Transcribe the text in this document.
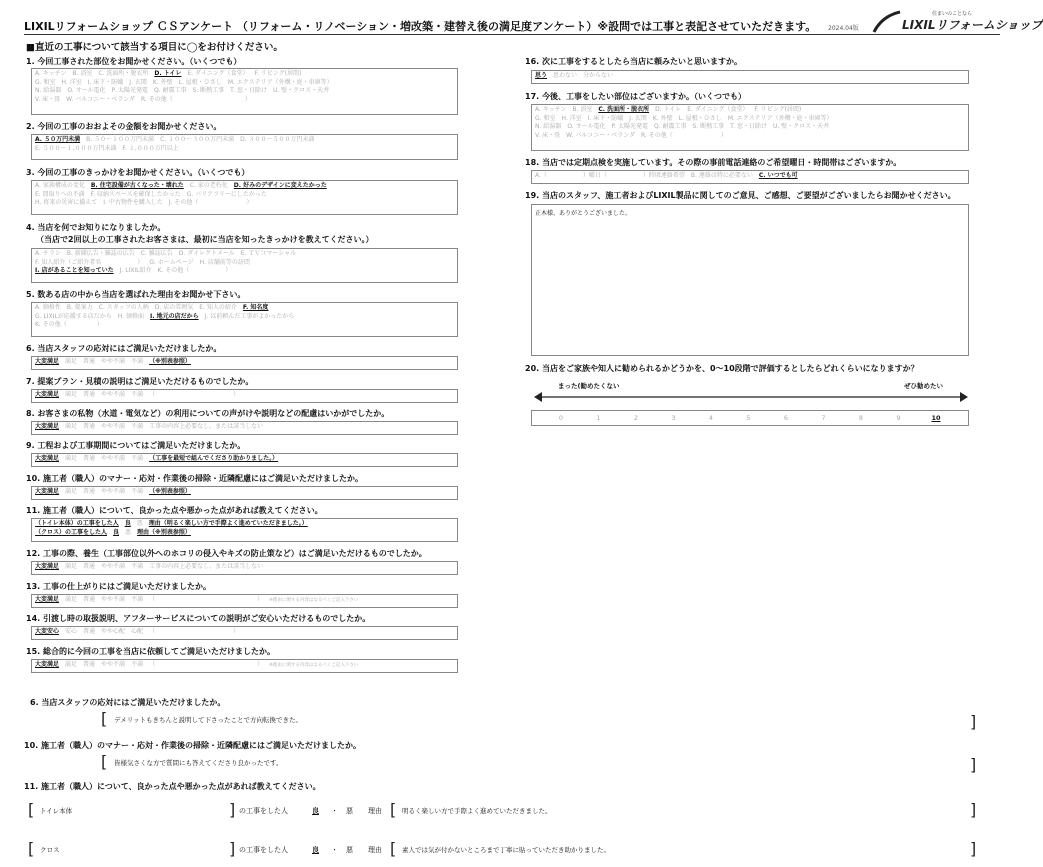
LIXILリフォームショップ ＣＳアンケート （リフォーム・リノベーション・増改築・建替え後の満足度アンケート）※設問では工事と表記させていただきます。 2024.04版
住まいのことなら
LIXILリフォームショップ
■直近の工事について該当する項目に◯をお付けください。
1. 今回工事された部位をお聞かせください。（いくつでも）
A. キッチン B. 浴室 C. 洗面所・脱衣所 D. トイレ E. ダイニング（食堂） F. リビング(居間)
G. 和室 H. 洋室 I. 床下・防蟻 J. 玄関 K. 外壁 L. 屋根・ひさし M. エクステリア（外構・庭・車庫等）
N. 給湯器 O. オール電化 P. 太陽光発電 Q. 耐震工事 S. 断熱工事 T. 窓・日除け U. 壁・クロス・天井
V. 床・畳 W. バルコニー・ベランダ R. その他（　　　　　　　　　　　　）
2. 今回の工事のおおよその金額をお聞かせください。
A. ５０万円未満 B. ５０～１００万円未満 C. １００～３００万円未満 D. ３００～５００万円未満
E. ５００～１,０００万円未満 F. １,０００万円以上
3. 今回の工事のきっかけをお聞かせください。（いくつでも）
A. 家族構成の変化 B. 住宅設備が古くなった・壊れた C. 家の老朽化 D. 好みのデザインに変えたかった
E. 間取りへの不満 F. 収納スペースを確保したかった G. バリアフリーにしたかった
H. 将来の災害に備えて I. 中古物件を購入した J. その他（　　　　　　　　）
4. 当店を何でお知りになりましたか。
（当店で2回以上の工事されたお客さまは、最初に当店を知ったきっかけを教えてください。）
A. チラシ B. 新聞広告・雑誌の広告 C. 雑誌広告 D. ダイレクトメール E. ＴＶコマーシャル
F. 知人紹介（ご紹介者名　　　　　　） G. ホームページ H. 店舗前等の訪問
I. 店があることを知っていた J. LIXIL紹介 K. その他（　　　　　　）
5. 数ある店の中から当店を選ばれた理由をお聞かせ下さい。
A. 価格性 B. 提案力 C. スタッフの人柄 D. 店の雰囲気 E. 知人の紹介 F. 知名度
G. LIXILが応援する店だから H. 価格面 I. 地元の店だから J. 以前頼んだ工事がよかったから
K. その他（　　　　　）
6. 当店スタッフの応対にはご満足いただけましたか。
大変満足 満足 普通 やや不満 不満 （※別表参照）
7. 提案プラン・見積の説明はご満足いただけるものでしたか。
大変満足 満足 普通 やや不満 不満 （　　　　　　　　　　　　　）
8. お客さまの私物（水道・電気など）の利用についての声がけや説明などの配慮はいかがでしたか。
大変満足 満足 普通 やや不満 不満 工事の内容上必要なし、または該当しない
9. 工程および工事期間についてはご満足いただけましたか。
大変満足 満足 普通 やや不満 不満 （工事を最短で組んでくださり助かりました。）
10. 施工者（職人）のマナー・応対・作業後の掃除・近隣配慮にはご満足いただけましたか。
大変満足 満足 普通 やや不満 不満 （※別表参照）
11. 施工者（職人）について、良かった点や悪かった点があれば教えてください。
（トイレ本体）の工事をした人 良 悪 理由（明るく楽しい方で手際よく進めていただきました。）
（クロス）の工事をした人 良 悪 理由（※別表参照）
12. 工事の際、養生（工事部位以外へのホコリの侵入やキズの防止策など）はご満足いただけるものでしたか。
大変満足 満足 普通 やや不満 不満 工事の内容上必要なし、または該当しない
13. 工事の仕上がりにはご満足いただけましたか。
大変満足 満足 普通 やや不満 不満 （　　　　　　　　　　　　　　　　　） ※理由に関する内容はなるべくご記入下さい
14. 引渡し時の取扱説明、アフターサービスについての説明がご安心いただけるものでしたか。
大変安心 安心 普通 やや心配 心配 （　　　　　　　　　　　　　）
15. 総合的に今回の工事を当店に依頼してご満足いただけましたか。
大変満足 満足 普通 やや不満 不満 （　　　　　　　　　　　　　　　　　） ※理由に関する内容はなるべくご記入下さい
16. 次に工事をするとしたら当店に頼みたいと思いますか。
思う 思わない 分からない
17. 今後、工事をしたい部位はございますか。（いくつでも）
A. キッチン B. 浴室 C. 洗面所・脱衣所 D. トイレ E. ダイニング（食堂） F. リビング(居間)
G. 和室 H. 洋室 I. 床下・防蟻 J. 玄関 K. 外壁 L. 屋根・ひさし M. エクステリア（外構・庭・車庫等）
N. 給湯器 O. オール電化 P. 太陽光発電 Q. 耐震工事 S. 断熱工事 T. 窓・日除け U. 壁・クロス・天井
V. 床・畳 W. バルコニー・ベランダ R. その他（　　　　　　　　）
18. 当店では定期点検を実施しています。その際の事前電話連絡のご希望曜日・時間帯はございますか。
A.（　　　　　　）曜日（　　　　　　）時頃連絡希望 B. 連絡は特に必要ない C. いつでも可
19. 当店のスタッフ、施工者およびLIXIL製品に関してのご意見、ご感想、ご要望がございましたらお聞かせください。
正木様、ありがとうございました。
20. 当店をご家族や知人に勧められるかどうかを、0～10段階で評価するとしたらどれくらいになりますか？
まった(勧めたくない	ぜひ勧めたい
0	1	2	3	4	5	6	7	8	9	10
6. 当店スタッフの応対にはご満足いただけましたか。
[ デメリットもきちんと説明して下さったことで方向転換できた。	]
10. 施工者（職人）のマナー・応対・作業後の掃除・近隣配慮にはご満足いただけましたか。
[ 皆様気さくな方で質問にも答えてくださり良かったです。	]
11. 施工者（職人）について、良かった点や悪かった点があれば教えてください。
[ トイレ本体	] の工事をした人	良 ・ 悪 理由 [ 明るく楽しい方で手際よく進めていただきました。	]
[ クロス	] の工事をした人	良 ・ 悪 理由 [ 素人では気が付かないところまで丁寧に貼っていただき助かりました。	]
